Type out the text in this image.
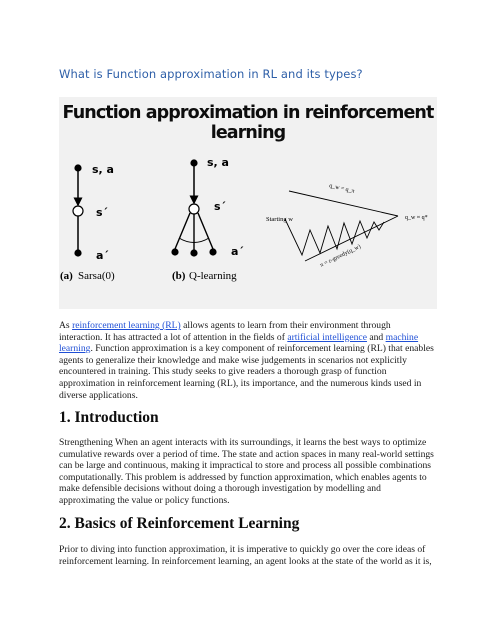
What is Function approximation in RL and its types?
Function approximation in reinforcement learning
s, a
s´
a´
(a) Sarsa(0)
s, a
s´
a´
(b) Q-learning
Starting w
q_w = q_π
π = ε-greedy(q_w)
q_w ≈ q*

As reinforcement learning (RL) allows agents to learn from their environment through interaction. It has attracted a lot of attention in the fields of artificial intelligence and machine learning. Function approximation is a key component of reinforcement learning (RL) that enables agents to generalize their knowledge and make wise judgements in scenarios not explicitly encountered in training. This study seeks to give readers a thorough grasp of function approximation in reinforcement learning (RL), its importance, and the numerous kinds used in diverse applications.

1. Introduction

Strengthening When an agent interacts with its surroundings, it learns the best ways to optimize cumulative rewards over a period of time. The state and action spaces in many real-world settings can be large and continuous, making it impractical to store and process all possible combinations computationally. This problem is addressed by function approximation, which enables agents to make defensible decisions without doing a thorough investigation by modelling and approximating the value or policy functions.

2. Basics of Reinforcement Learning

Prior to diving into function approximation, it is imperative to quickly go over the core ideas of reinforcement learning. In reinforcement learning, an agent looks at the state of the world as it is,
